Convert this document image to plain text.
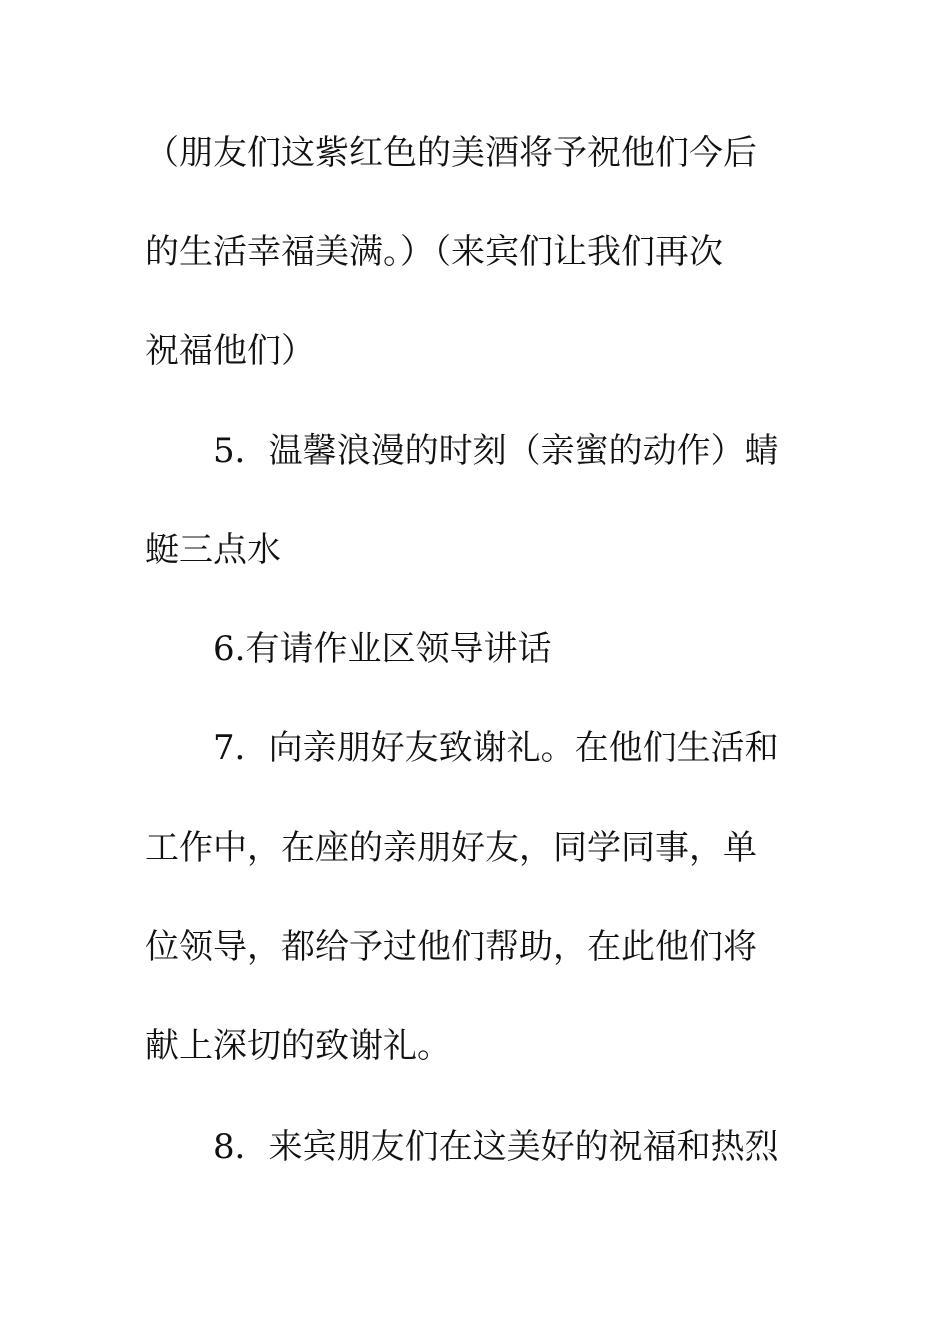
（朋友们这紫红色的美酒将予祝他们今后
的生活幸福美满。）（来宾们让我们再次
祝福他们）
5．温馨浪漫的时刻（亲蜜的动作）蜻
蜓三点水
6.有请作业区领导讲话
7．向亲朋好友致谢礼。在他们生活和
工作中，在座的亲朋好友，同学同事，单
位领导，都给予过他们帮助，在此他们将
献上深切的致谢礼。
8．来宾朋友们在这美好的祝福和热烈
